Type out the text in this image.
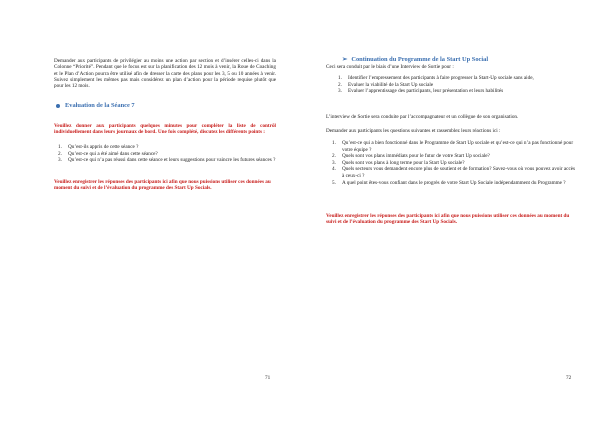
Demander aux participants de privilégier au moins une action par section et d’insérer celles-ci dans la Colonne “Priorité”. Pendant que le focus est sur la planification des 12 mois à venir, la Roue de Coaching et le Plan d’Action pourra être utilisé afin de dresser la carte des plans pour les 3, 5 ou 10 années à venir. Suivez simplement les mêmes pas mais considérez un plan d’action pour la période requise plutôt que pour les 12 mois.

Evaluation de la Séance 7

Veuillez donner aux participants quelques minutes pour compléter la liste de contrôl individuellement dans leurs journaux de bord. Une fois complété, discutez les différents points :

1. Qu’est-ils appris de cette séance ?
2. Qu’est-ce qui a été aimé dans cette séance?
3. Qu’est-ce qui n’a pas réussi dans cette séance et leurs suggestions pour vaincre les futures séances ?

Veuillez enregistrer les réponses des participants ici afin que nous puissions utiliser ces données au moment du suivi et de l’évaluation du programme des Start Up Socials.

71
➢ Continuation du Programme de la Start Up Social

Ceci sera conduit par le biais d’une Interview de Sortie pour :

1. Identifier l’empressement des participants à faire progresser la Start-Up sociale sans aide,
2. Evaluer la viabilité de la Start Up sociale
3. Evaluer l’apprentissage des participants, leur présentation et leurs habilités

L’interview de Sortie sera conduite par l’accompagnateur et un collègue de son organisation.

Demander aux participants les questions suivantes et rassemblez leurs réactions ici :

1. Qu’est-ce qui a bien fonctionné dans le Programme de Start Up sociale et qu’est-ce qui n’a pas fonctionné pour votre équipe ?
2. Quels sont vos plans immédiats pour le futur de votre Start Up sociale?
3. Quels sont vos plans à long terme pour la Start Up sociale?
4. Quels secteurs vous demandent encore plus de soutient et de formation? Savez-vous où vous pouvez avoir accès à ceux-ci ?
5. A quel point êtes-vous confiant dans le progrès de votre Start Up Sociale indépendamment du Programme ?

Veuillez enregistrer les réponses des participants ici afin que nous puissions utiliser ces données au moment du suivi et de l’évaluation du programme des Start Up Socials.

72
